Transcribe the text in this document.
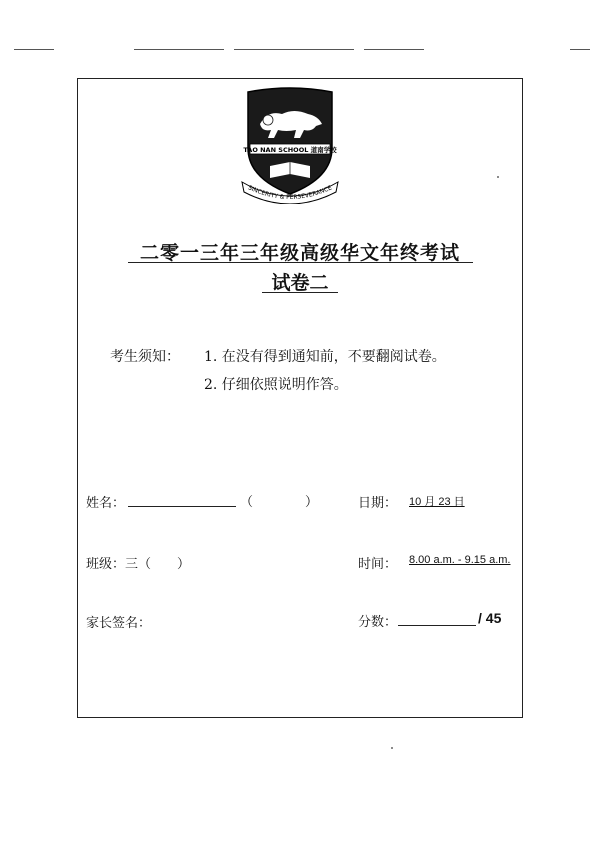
TAO NAN SCHOOL 道南学校
SINCERITY & PERSEVERANCE
二零一三年三年级高级华文年终考试
试卷二
考生须知： 1. 在没有得到通知前，不要翻阅试卷。
2. 仔细依照说明作答。
姓名：	（　　　　）	日期： 10 月 23 日
班级：三（　　）	时间： 8.00 a.m. - 9.15 a.m.
家长签名：	分数：	/ 45
